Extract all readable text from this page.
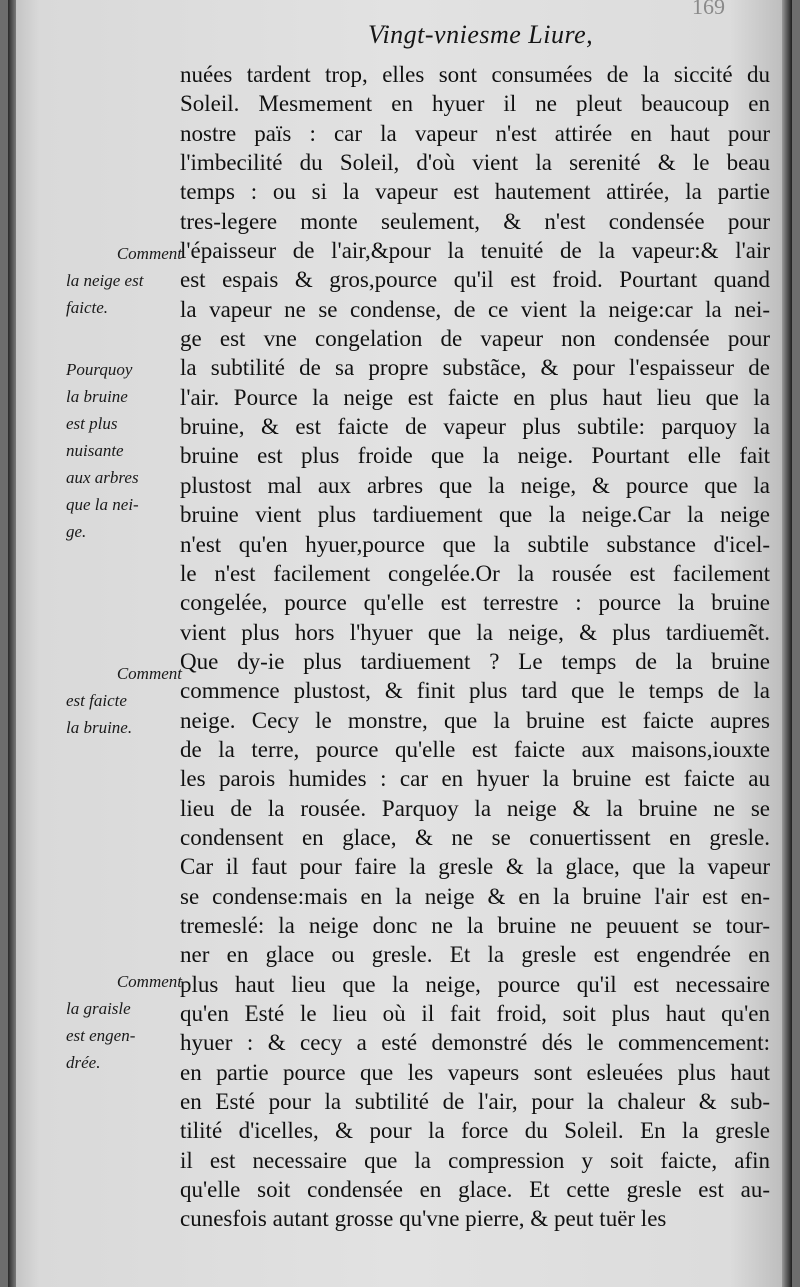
169
Vingt-vniesme Liure,
nuées tardent trop, elles sont consumées de la siccité du
Soleil. Mesmement en hyuer il ne pleut beaucoup en
nostre païs : car la vapeur n'est attirée en haut pour
l'imbecilité du Soleil, d'où vient la serenité & le beau
temps : ou si la vapeur est hautement attirée, la partie
tres-legere monte seulement, & n'est condensée pour
l'épaisseur de l'air,&pour la tenuité de la vapeur:& l'air
est espais & gros,pource qu'il est froid. Pourtant quand
la vapeur ne se condense, de ce vient la neige:car la nei-
ge est vne congelation de vapeur non condensée pour
la subtilité de sa propre substãce, & pour l'espaisseur de
l'air. Pource la neige est faicte en plus haut lieu que la
bruine, & est faicte de vapeur plus subtile: parquoy la
bruine est plus froide que la neige. Pourtant elle fait
plustost mal aux arbres que la neige, & pource que la
bruine vient plus tardiuement que la neige.Car la neige
n'est qu'en hyuer,pource que la subtile substance d'icel-
le n'est facilement congelée.Or la rousée est facilement
congelée, pource qu'elle est terrestre : pource la bruine
vient plus hors l'hyuer que la neige, & plus tardiuemẽt.
Que dy-ie plus tardiuement ? Le temps de la bruine
commence plustost, & finit plus tard que le temps de la
neige. Cecy le monstre, que la bruine est faicte aupres
de la terre, pource qu'elle est faicte aux maisons,iouxte
les parois humides : car en hyuer la bruine est faicte au
lieu de la rousée. Parquoy la neige & la bruine ne se
condensent en glace, & ne se conuertissent en gresle.
Car il faut pour faire la gresle & la glace, que la vapeur
se condense:mais en la neige & en la bruine l'air est en-
tremeslé: la neige donc ne la bruine ne peuuent se tour-
ner en glace ou gresle. Et la gresle est engendrée en
plus haut lieu que la neige, pource qu'il est necessaire
qu'en Esté le lieu où il fait froid, soit plus haut qu'en
hyuer : & cecy a esté demonstré dés le commencement:
en partie pource que les vapeurs sont esleuées plus haut
en Esté pour la subtilité de l'air, pour la chaleur & sub-
tilité d'icelles, & pour la force du Soleil. En la gresle
il est necessaire que la compression y soit faicte, afin
qu'elle soit condensée en glace. Et cette gresle est au-
cunesfois autant grosse qu'vne pierre, & peut tuër les
Comment
la neige est
faicte.
Pourquoy
la bruine
est plus
nuisante
aux arbres
que la nei-
ge.
Comment
est faicte
la bruine.
Comment
la graisle
est engen-
drée.
